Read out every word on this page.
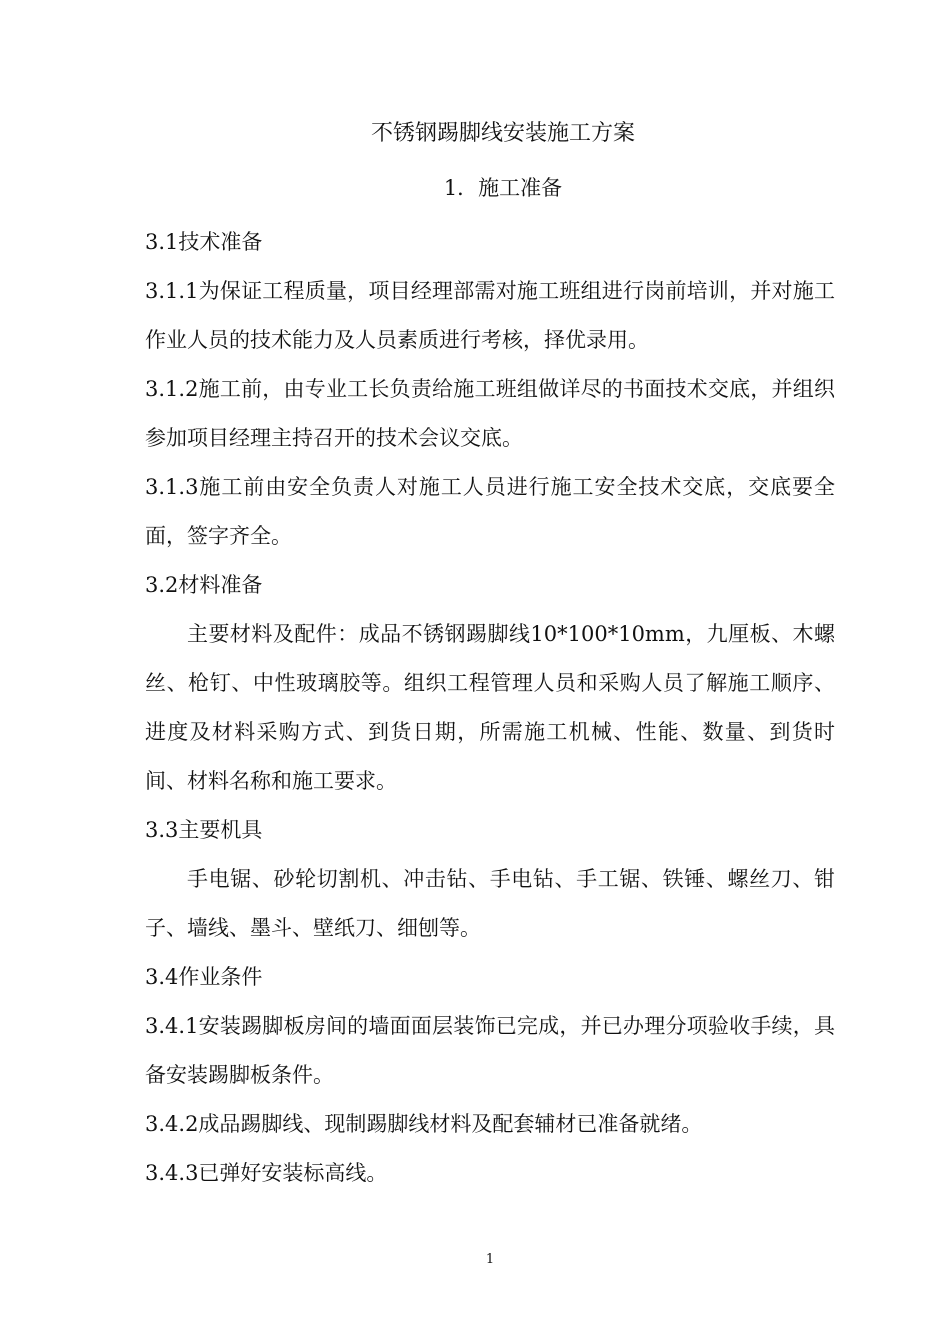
不锈钢踢脚线安装施工方案
1．施工准备

3.1技术准备

3.1.1为保证工程质量，项目经理部需对施工班组进行岗前培训，并对施工作业人员的技术能力及人员素质进行考核，择优录用。

3.1.2施工前，由专业工长负责给施工班组做详尽的书面技术交底，并组织参加项目经理主持召开的技术会议交底。

3.1.3施工前由安全负责人对施工人员进行施工安全技术交底，交底要全面，签字齐全。

3.2材料准备

主要材料及配件：成品不锈钢踢脚线10*100*10mm，九厘板、木螺丝、枪钉、中性玻璃胶等。组织工程管理人员和采购人员了解施工顺序、进度及材料采购方式、到货日期，所需施工机械、性能、数量、到货时间、材料名称和施工要求。

3.3主要机具

手电锯、砂轮切割机、冲击钻、手电钻、手工锯、铁锤、螺丝刀、钳子、墙线、墨斗、壁纸刀、细刨等。

3.4作业条件

3.4.1安装踢脚板房间的墙面面层装饰已完成，并已办理分项验收手续，具备安装踢脚板条件。

3.4.2成品踢脚线、现制踢脚线材料及配套辅材已准备就绪。

3.4.3已弹好安装标高线。

1
